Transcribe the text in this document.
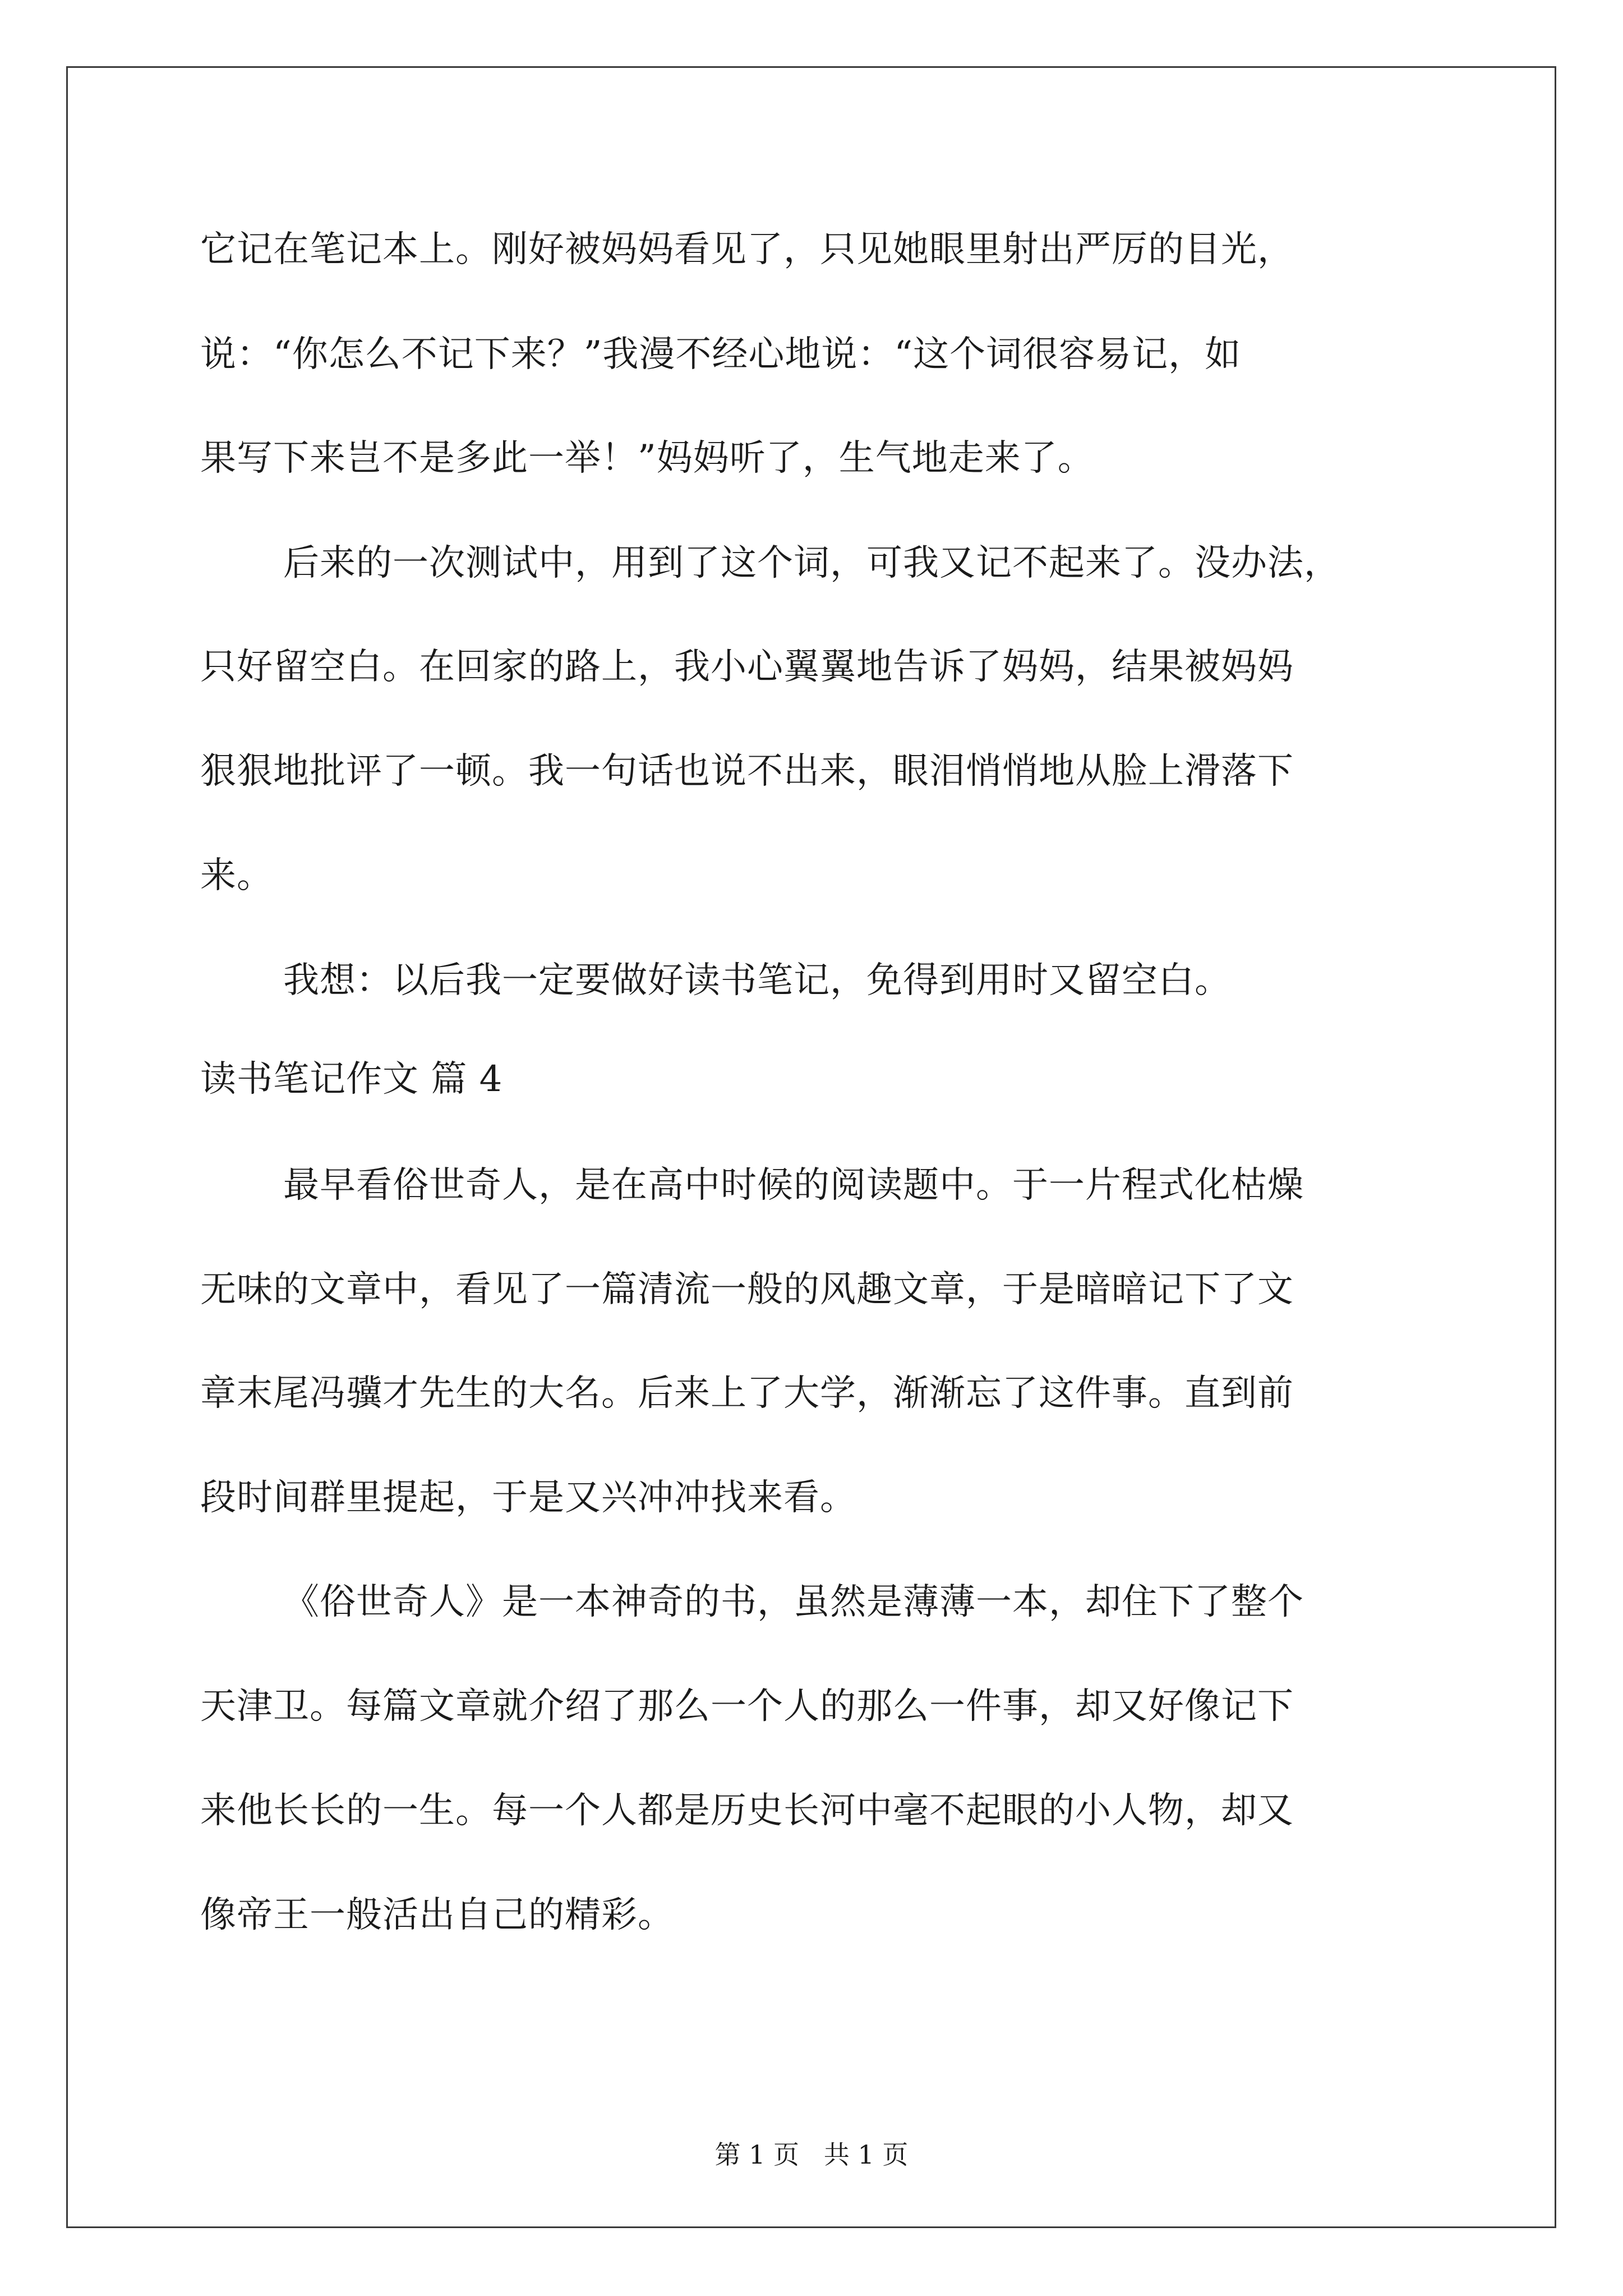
它记在笔记本上。刚好被妈妈看见了，只见她眼里射出严厉的目光，
说：“你怎么不记下来？”我漫不经心地说：“这个词很容易记，如
果写下来岂不是多此一举！”妈妈听了，生气地走来了。
后来的一次测试中，用到了这个词，可我又记不起来了。没办法，
只好留空白。在回家的路上，我小心翼翼地告诉了妈妈，结果被妈妈
狠狠地批评了一顿。我一句话也说不出来，眼泪悄悄地从脸上滑落下
来。
我想：以后我一定要做好读书笔记，免得到用时又留空白。
读书笔记作文 篇 4
最早看俗世奇人，是在高中时候的阅读题中。于一片程式化枯燥
无味的文章中，看见了一篇清流一般的风趣文章，于是暗暗记下了文
章末尾冯骥才先生的大名。后来上了大学，渐渐忘了这件事。直到前
段时间群里提起，于是又兴冲冲找来看。
《俗世奇人》是一本神奇的书，虽然是薄薄一本，却住下了整个
天津卫。每篇文章就介绍了那么一个人的那么一件事，却又好像记下
来他长长的一生。每一个人都是历史长河中毫不起眼的小人物，却又
像帝王一般活出自己的精彩。
第 1 页   共 1 页
